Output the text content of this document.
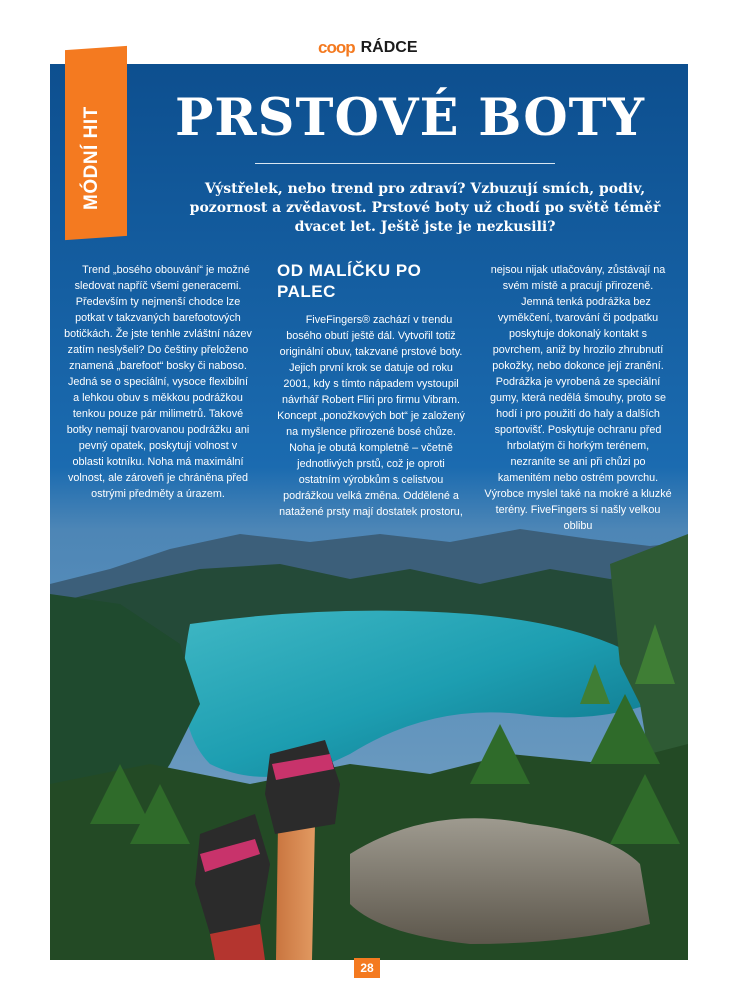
coop RÁDCE
MÓDNÍ HIT	PRSTOVÉ BOTY
Výstřelek, nebo trend pro zdraví? Vzbuzují smích, podiv, pozornost a zvědavost. Prstové boty už chodí po světě téměř dvacet let. Ještě jste je nezkusili?

Trend „bosého obouvání“ je možné sledovat napříč všemi generacemi. Především ty nejmenší chodce lze potkat v takzvaných barefootových botičkách. Že jste tenhle zvláštní název zatím neslyšeli? Do češtiny přeloženo znamená „barefoot“ bosky či naboso. Jedná se o speciální, vysoce flexibilní a lehkou obuv s měkkou podrážkou tenkou pouze pár milimetrů. Takové botky nemají tvarovanou podrážku ani pevný opatek, poskytují volnost v oblasti kotníku. Noha má maximální volnost, ale zároveň je chráněna před ostrými předměty a úrazem.

OD MALÍČKU PO PALEC

FiveFingers® zachází v trendu bosého obutí ještě dál. Vytvořil totiž originální obuv, takzvané prstové boty. Jejich první krok se datuje od roku 2001, kdy s tímto nápadem vystoupil návrhář Robert Fliri pro firmu Vibram. Koncept „ponožkových bot“ je založený na myšlence přirozené bosé chůze. Noha je obutá kompletně – včetně jednotlivých prstů, což je oproti ostatním výrobkům s celistvou podrážkou velká změna. Oddělené a natažené prsty mají dostatek prostoru,

nejsou nijak utlačovány, zůstávají na svém místě a pracují přirozeně.

Jemná tenká podrážka bez vyměkčení, tvarování či podpatku poskytuje dokonalý kontakt s povrchem, aniž by hrozilo zhrubnutí pokožky, nebo dokonce její zranění. Podrážka je vyrobená ze speciální gumy, která nedělá šmouhy, proto se hodí i pro použití do haly a dalších sportovišť. Poskytuje ochranu před hrbolatým či horkým terénem, nezraníte se ani při chůzi po kamenitém nebo ostrém povrchu. Výrobce myslel také na mokré a kluzké terény. FiveFingers si našly velkou oblibu

28
